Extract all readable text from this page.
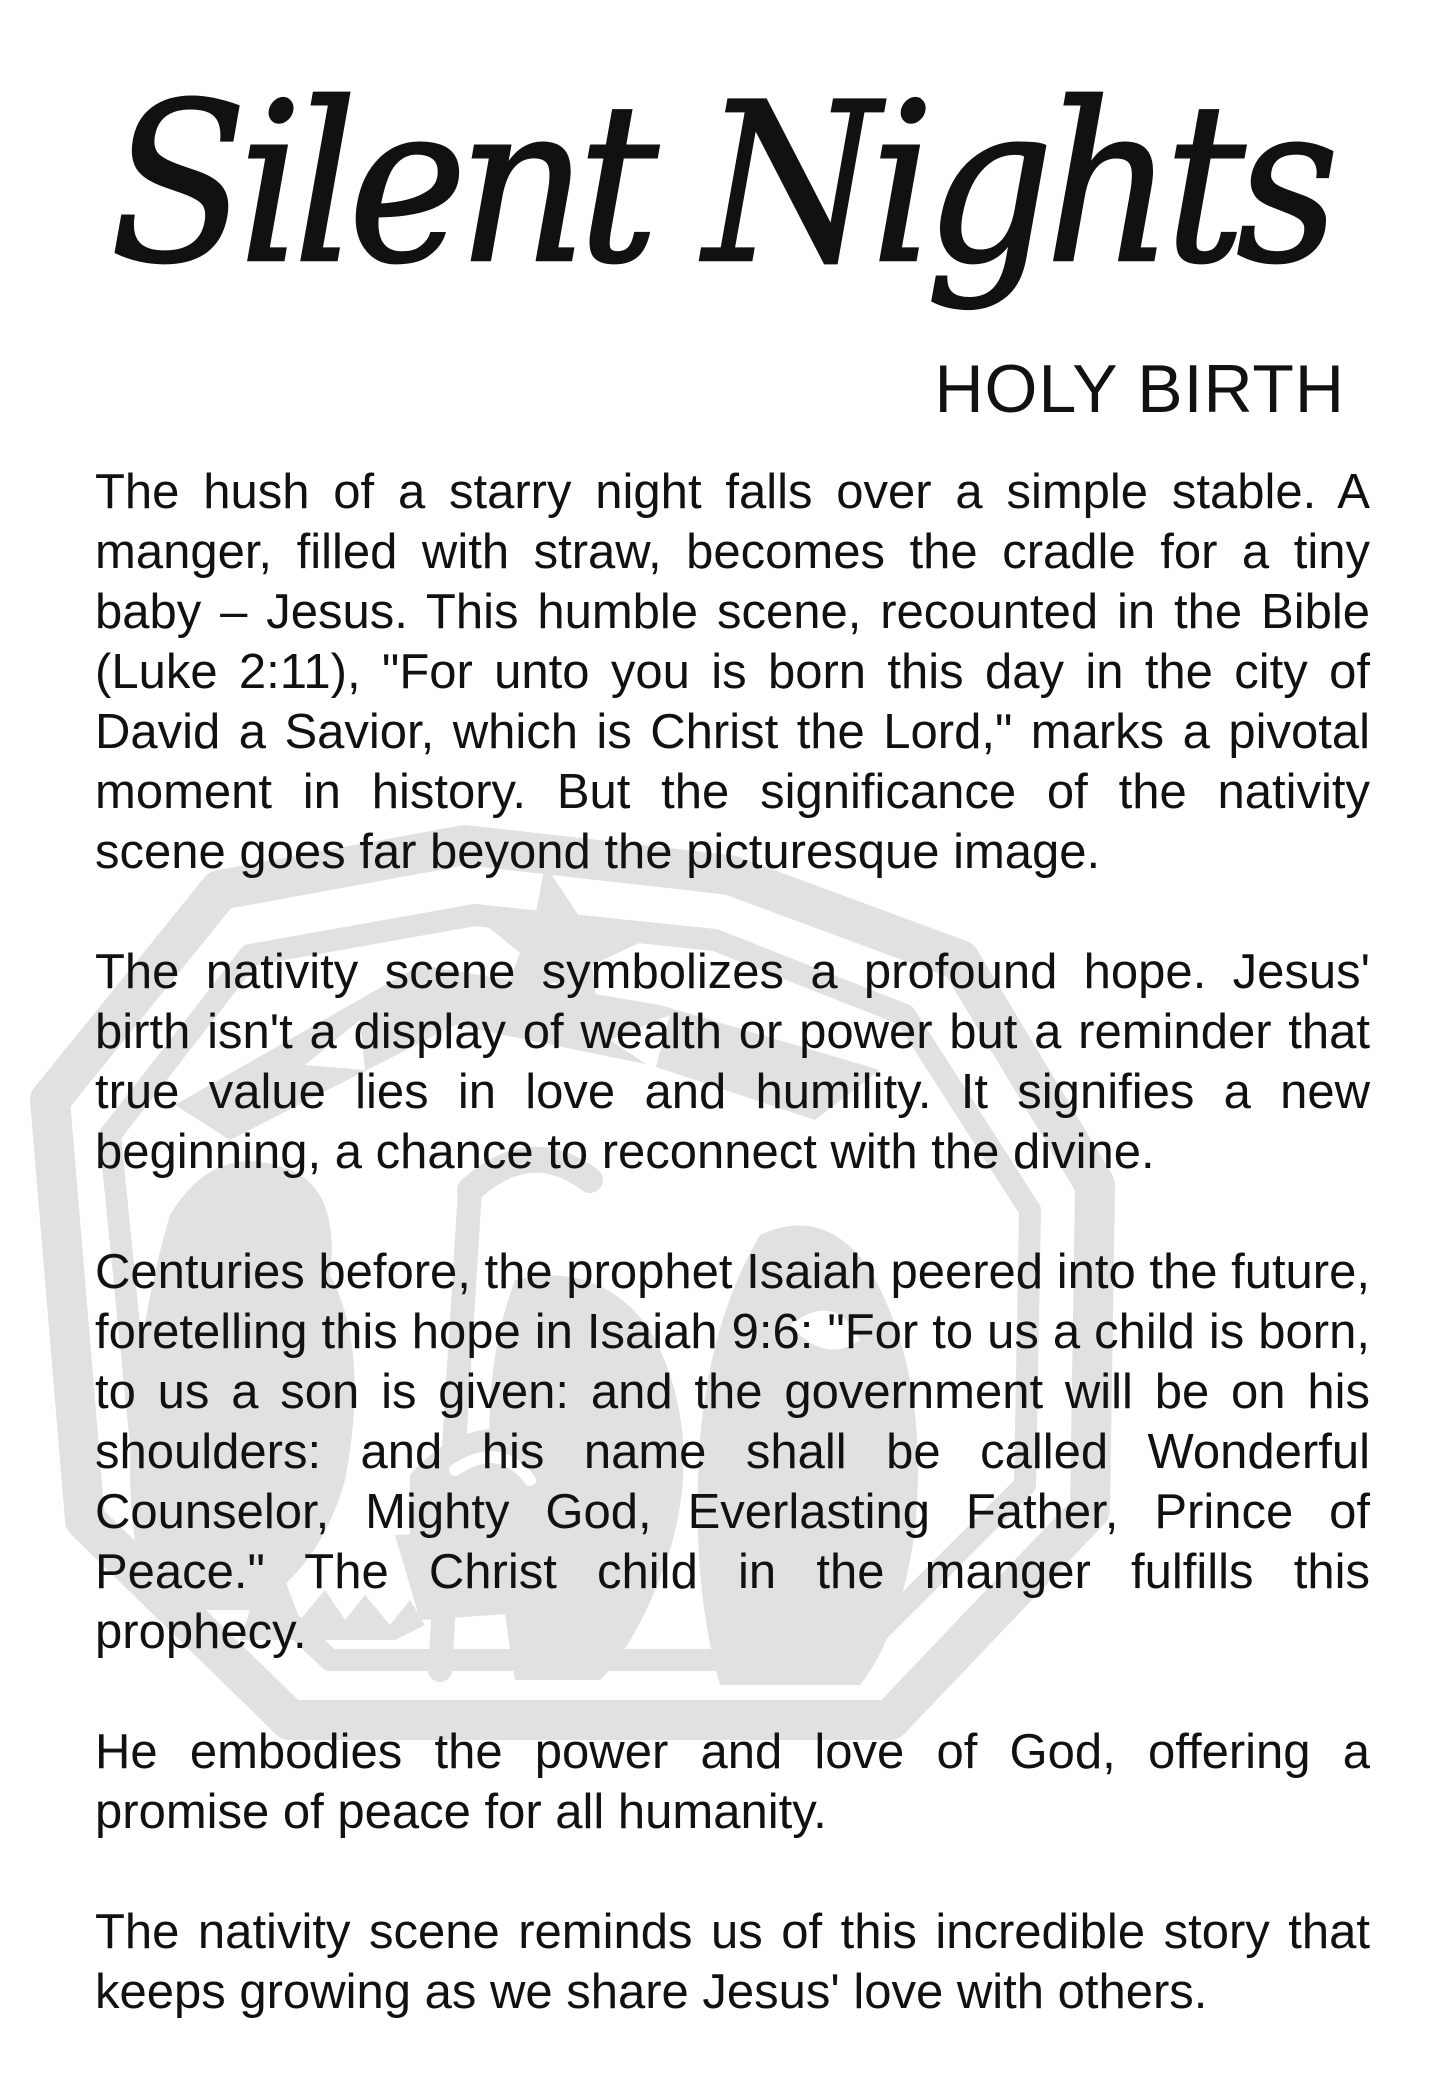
Silent Nights
HOLY BIRTH

The hush of a starry night falls over a simple stable. A manger, filled with straw, becomes the cradle for a tiny baby – Jesus. This humble scene, recounted in the Bible (Luke 2:11), "For unto you is born this day in the city of David a Savior, which is Christ the Lord," marks a pivotal moment in history. But the significance of the nativity scene goes far beyond the picturesque image.

The nativity scene symbolizes a profound hope. Jesus' birth isn't a display of wealth or power but a reminder that true value lies in love and humility. It signifies a new beginning, a chance to reconnect with the divine.

Centuries before, the prophet Isaiah peered into the future, foretelling this hope in Isaiah 9:6: "For to us a child is born, to us a son is given: and the government will be on his shoulders: and his name shall be called Wonderful Counselor, Mighty God, Everlasting Father, Prince of Peace." The Christ child in the manger fulfills this prophecy.

He embodies the power and love of God, offering a promise of peace for all humanity.

The nativity scene reminds us of this incredible story that keeps growing as we share Jesus' love with others.
